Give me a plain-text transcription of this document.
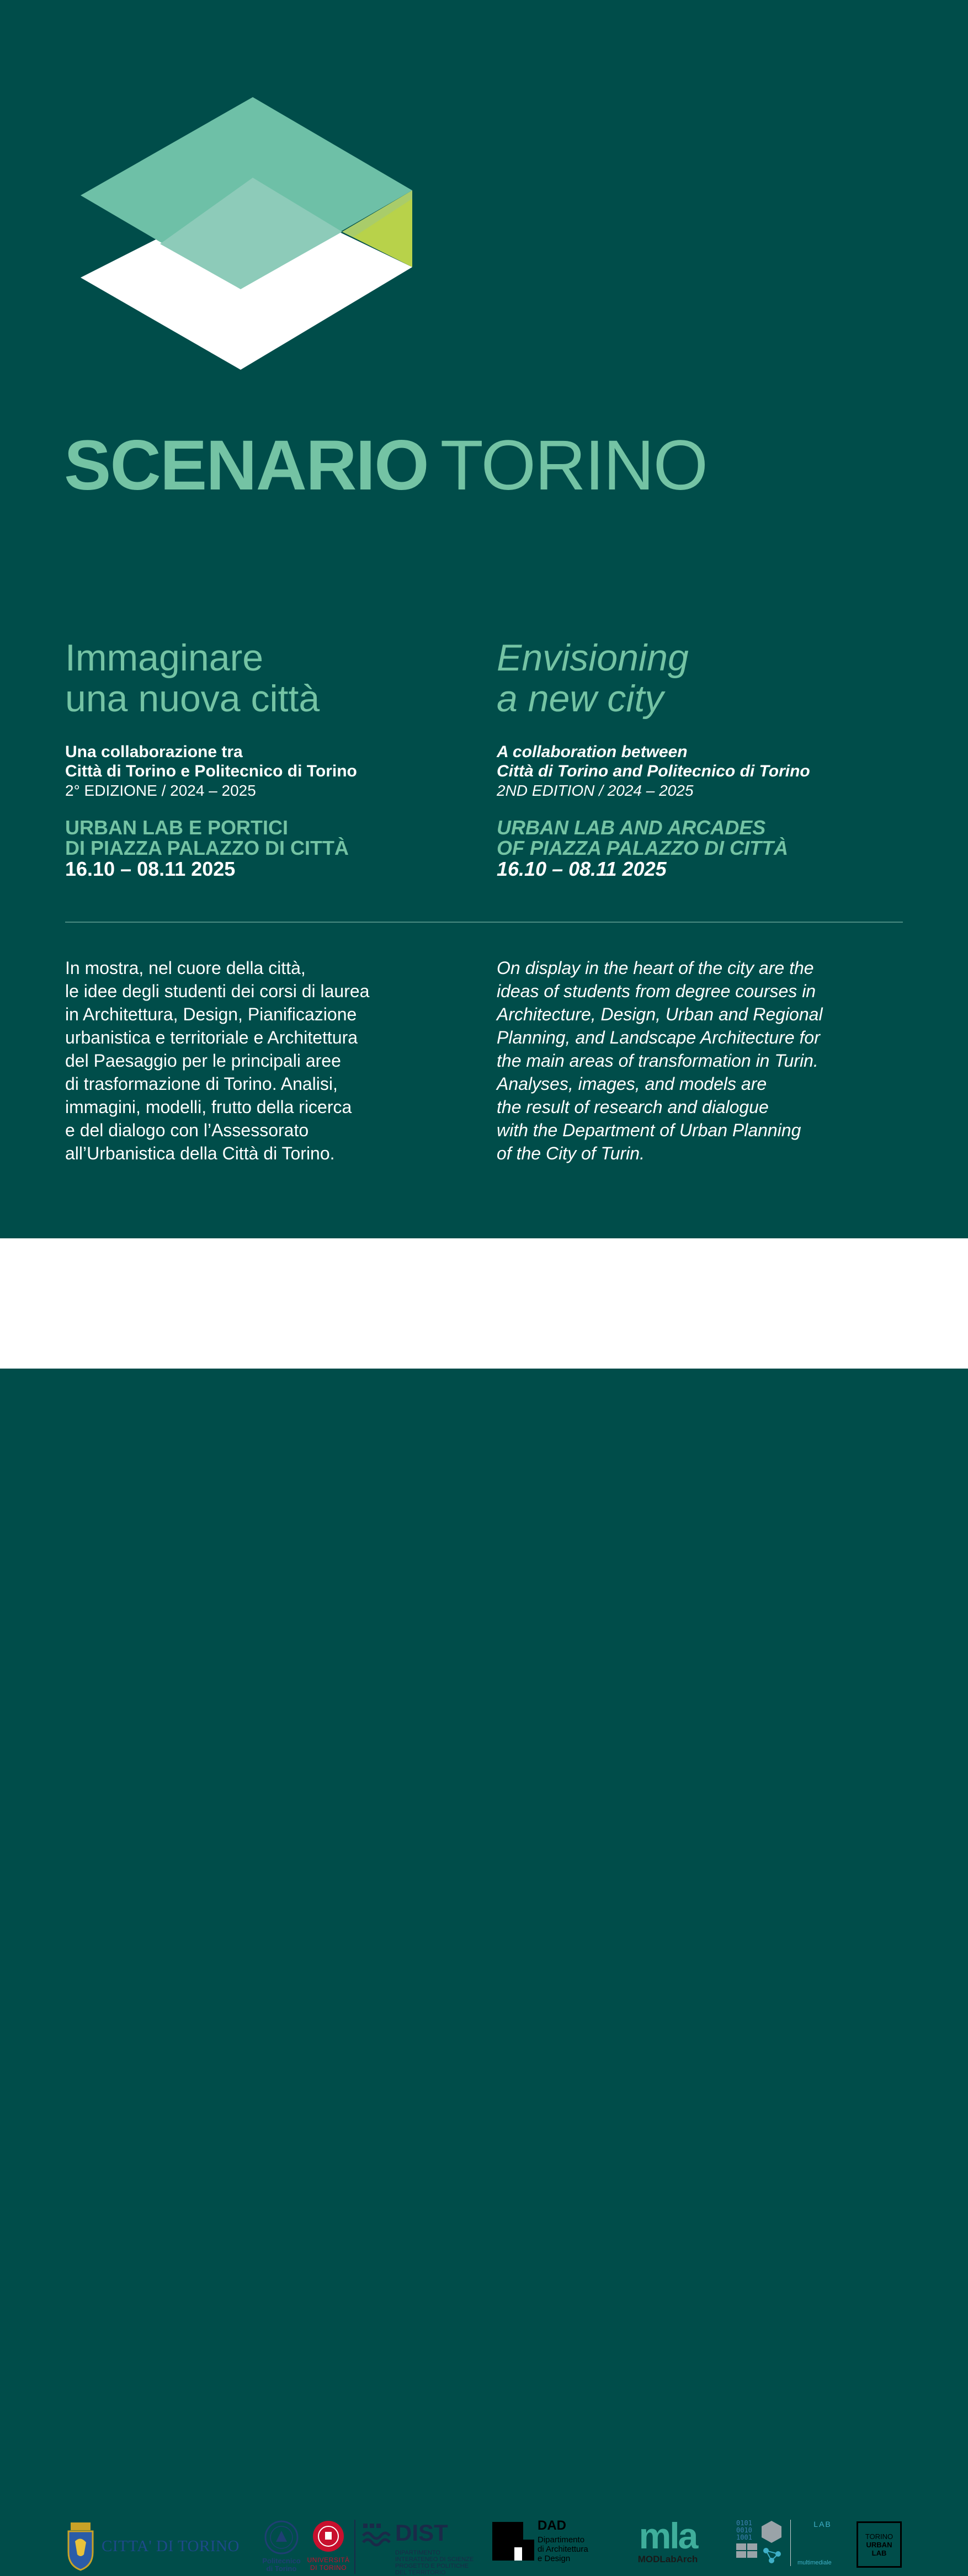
SCENARIO TORINO
Immaginare
una nuova città
Una collaborazione tra
Città di Torino e Politecnico di Torino
2° EDIZIONE / 2024 – 2025
URBAN LAB E PORTICI
DI PIAZZA PALAZZO DI CITTÀ
16.10 – 08.11 2025
Envisioning
a new city
A collaboration between
Città di Torino and Politecnico di Torino
2ND EDITION / 2024 – 2025
URBAN LAB AND ARCADES
OF PIAZZA PALAZZO DI CITTÀ
16.10 – 08.11 2025
In mostra, nel cuore della città,
le idee degli studenti dei corsi di laurea
in Architettura, Design, Pianificazione
urbanistica e territoriale e Architettura
del Paesaggio per le principali aree
di trasformazione di Torino. Analisi,
immagini, modelli, frutto della ricerca
e del dialogo con l’Assessorato
all’Urbanistica della Città di Torino.
On display in the heart of the city are the
ideas of students from degree courses in
Architecture, Design, Urban and Regional
Planning, and Landscape Architecture for
the main areas of transformation in Turin.
Analyses, images, and models are
the result of research and dialogue
with the Department of Urban Planning
of the City of Turin.
CITTA' DI TORINO
Politecnico
di Torino
UNIVERSITÀ
DI TORINO
DIST
DIPARTIMENTO
INTERATENEO DI SCIENZE
PROGETTO E POLITICHE
DEL TERRITORIO
DAD
Dipartimento
di Architettura
e Design
mla
MODLabArch
0101
0010
1001
LAB
multimediale
TORINO
URBAN
LAB
